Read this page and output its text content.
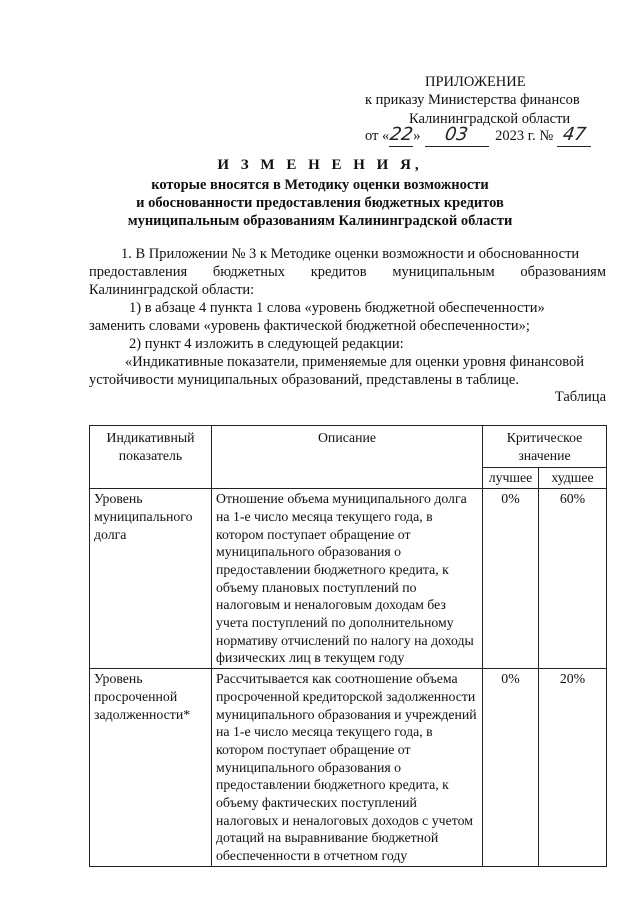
ПРИЛОЖЕНИЕ
к приказу Министерства финансов
Калининградской области
от «22» 03 2023 г. № 47
И З М Е Н Е Н И Я,
которые вносятся в Методику оценки возможности
и обоснованности предоставления бюджетных кредитов
муниципальным образованиям Калининградской области
1. В Приложении № 3 к Методике оценки возможности и обоснованности
предоставления бюджетных кредитов муниципальным образованиям
Калининградской области:
1) в абзаце 4 пункта 1 слова «уровень бюджетной обеспеченности»
заменить словами «уровень фактической бюджетной обеспеченности»;
2) пункт 4 изложить в следующей редакции:
«Индикативные показатели, применяемые для оценки уровня финансовой
устойчивости муниципальных образований, представлены в таблице.
Таблица
Индикативный показатель	Описание	Критическое значение	

		лучшее	худшее
Уровень муниципального долга	Отношение объема муниципального долга на 1-е число месяца текущего года, в котором поступает обращение от муниципального образования о предоставлении бюджетного кредита, к объему плановых поступлений по налоговым и неналоговым доходам без учета поступлений по дополнительному нормативу отчислений по налогу на доходы физических лиц в текущем году	0%	60%
Уровень просроченной задолженности*	Рассчитывается как соотношение объема просроченной кредиторской задолженности муниципального образования и учреждений на 1-е число месяца текущего года, в котором поступает обращение от муниципального образования о предоставлении бюджетного кредита, к объему фактических поступлений налоговых и неналоговых доходов с учетом дотаций на выравнивание бюджетной обеспеченности в отчетном году	0%	20%
